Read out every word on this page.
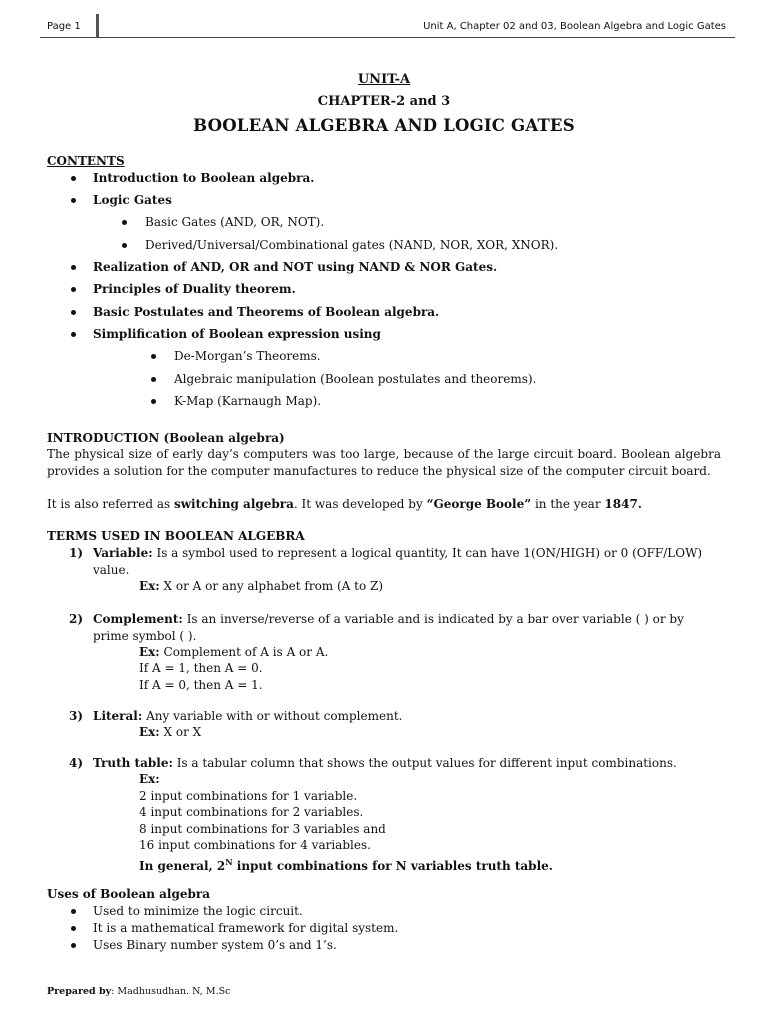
Page 1	Unit A, Chapter 02 and 03, Boolean Algebra and Logic Gates
UNIT-A
CHAPTER-2 and 3
BOOLEAN ALGEBRA AND LOGIC GATES
CONTENTS
Introduction to Boolean algebra.
Logic Gates
Basic Gates (AND, OR, NOT).
Derived/Universal/Combinational gates (NAND, NOR, XOR, XNOR).
Realization of AND, OR and NOT using NAND & NOR Gates.
Principles of Duality theorem.
Basic Postulates and Theorems of Boolean algebra.
Simplification of Boolean expression using
De-Morgan’s Theorems.
Algebraic manipulation (Boolean postulates and theorems).
K-Map (Karnaugh Map).
INTRODUCTION (Boolean algebra)
The physical size of early day’s computers was too large, because of the large circuit board. Boolean algebra provides a solution for the computer manufactures to reduce the physical size of the computer circuit board.
It is also referred as switching algebra. It was developed by “George Boole” in the year 1847.
TERMS USED IN BOOLEAN ALGEBRA
1) Variable: Is a symbol used to represent a logical quantity, It can have 1(ON/HIGH) or 0 (OFF/LOW)
value.
Ex: X or A or any alphabet from (A to Z)
2) Complement: Is an inverse/reverse of a variable and is indicated by a bar over variable ( ) or by
prime symbol ( ).
Ex: Complement of A is A or A.
If A = 1, then A = 0.
If A = 0, then A = 1.
3) Literal: Any variable with or without complement.
Ex: X or X
4) Truth table: Is a tabular column that shows the output values for different input combinations.
Ex:
2 input combinations for 1 variable.
4 input combinations for 2 variables.
8 input combinations for 3 variables and
16 input combinations for 4 variables.
In general, $2^N$ input combinations for N variables truth table.
Uses of Boolean algebra
Used to minimize the logic circuit.
It is a mathematical framework for digital system.
Uses Binary number system 0’s and 1’s.
Prepared by: Madhusudhan. N, M.Sc
